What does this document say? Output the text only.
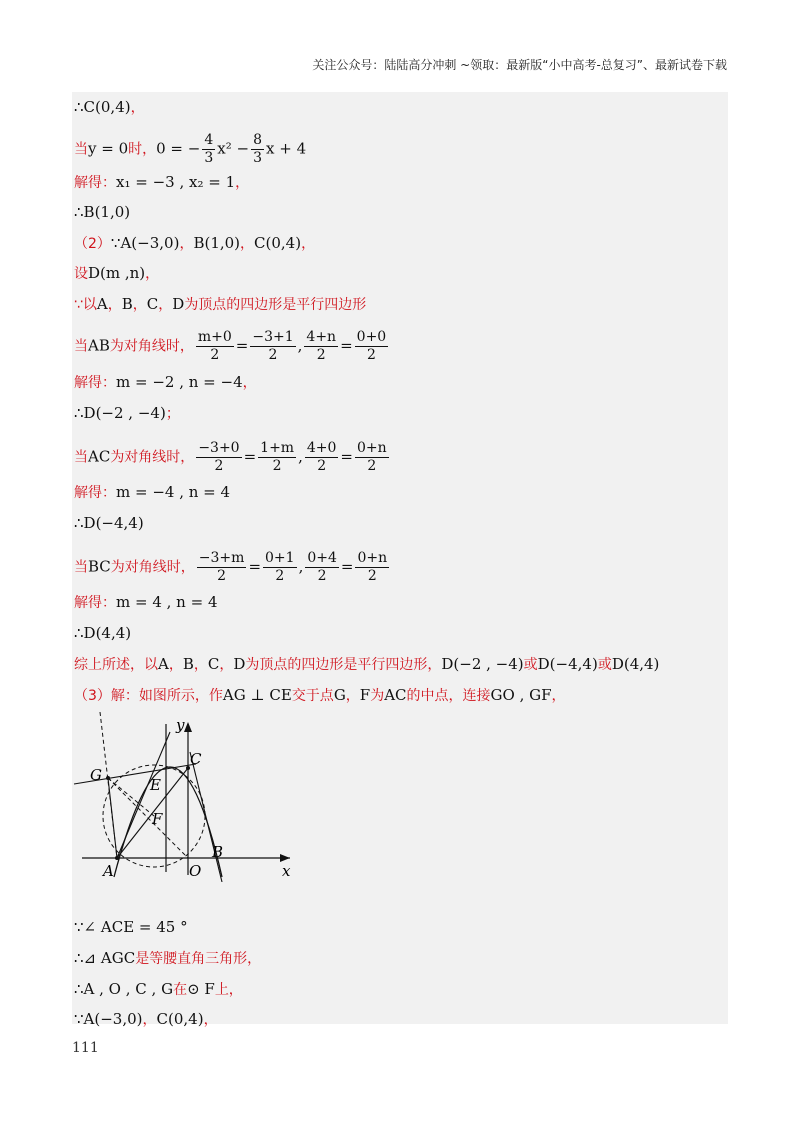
关注公众号：陆陆高分冲刺 ~领取：最新版“小中高考-总复习”、最新试卷下载
∴C(0,4)，
当y = 0时，0 = − $\frac{4}{3} x^2 - \frac{8}{3}$ x + 4
解得：x₁ = −3 , x₂ = 1，
∴B(1,0)
（2）∵A(−3,0)，B(1,0)，C(0,4)，
设D(m ,n)，
∵以A，B，C，D为顶点的四边形是平行四边形
当AB为对角线时， $\frac{m+0}{2} = \frac{-3+1}{2}$ , $\frac{4+n}{2} = \frac{0+0}{2}$
解得：m = −2 , n = −4，
∴D(−2 , −4)；
当AC为对角线时， $\frac{-3+0}{2} = \frac{1+m}{2}$ , $\frac{4+0}{2} = \frac{0+n}{2}$
解得：m = −4 , n = 4
∴D(−4,4)
当BC为对角线时， $\frac{-3+m}{2} = \frac{0+1}{2}$ , $\frac{0+4}{2} = \frac{0+n}{2}$
解得：m = 4 , n = 4
∴D(4,4)
综上所述，以A，B，C，D为顶点的四边形是平行四边形，D(−2 , −4)或D(−4,4)或D(4,4)
（3）解：如图所示，作AG ⊥ CE交于点G，F为AC的中点，连接GO , GF，
∵∠ ACE = 45 °
∴⊿ AGC是等腰直角三角形，
∴A , O , C , G在⊙ F上，
∵A(−3,0)，C(0,4)，
y
x
C
G
E
F
A	O
B
111
